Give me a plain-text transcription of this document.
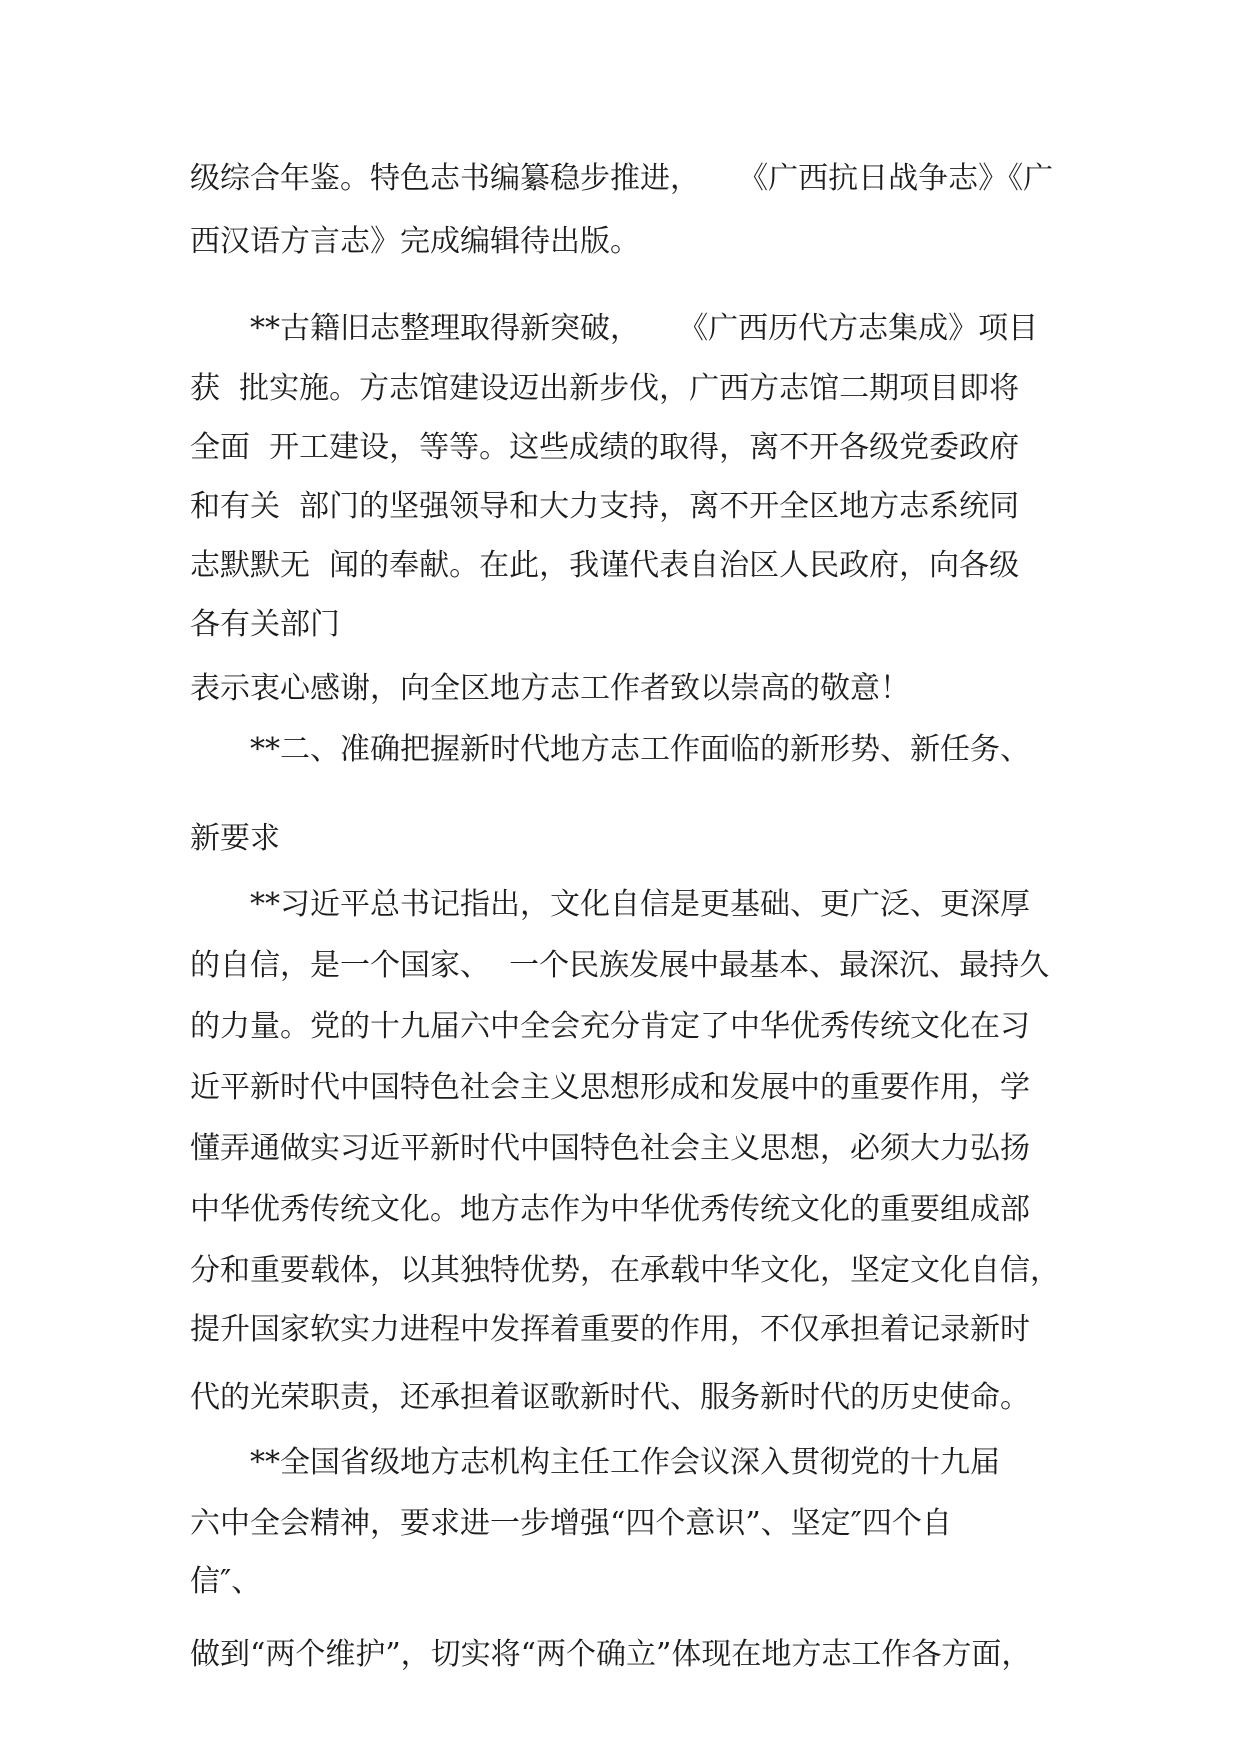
级综合年鉴。特色志书编纂稳步推进，    《广西抗日战争志》《广

西汉语方言志》完成编辑待出版。

**古籍旧志整理取得新突破，    《广西历代方志集成》项目

获  批实施。方志馆建设迈出新步伐，广西方志馆二期项目即将

全面  开工建设，等等。这些成绩的取得，离不开各级党委政府

和有关  部门的坚强领导和大力支持，离不开全区地方志系统同

志默默无  闻的奉献。在此，我谨代表自治区人民政府，向各级

各有关部门

表示衷心感谢，向全区地方志工作者致以崇高的敬意！

**二、准确把握新时代地方志工作面临的新形势、新任务、

新要求

**习近平总书记指出，文化自信是更基础、更广泛、更深厚

的自信，是一个国家、  一个民族发展中最基本、最深沉、最持久

的力量。党的十九届六中全会充分肯定了中华优秀传统文化在习

近平新时代中国特色社会主义思想形成和发展中的重要作用，学

懂弄通做实习近平新时代中国特色社会主义思想，必须大力弘扬

中华优秀传统文化。地方志作为中华优秀传统文化的重要组成部

分和重要载体，以其独特优势，在承载中华文化，坚定文化自信，

提升国家软实力进程中发挥着重要的作用，不仅承担着记录新时

代的光荣职责，还承担着讴歌新时代、服务新时代的历史使命。

**全国省级地方志机构主任工作会议深入贯彻党的十九届

六中全会精神，要求进一步增强“四个意识”、坚定″四个自

信″、

做到“两个维护”，切实将“两个确立”体现在地方志工作各方面，
